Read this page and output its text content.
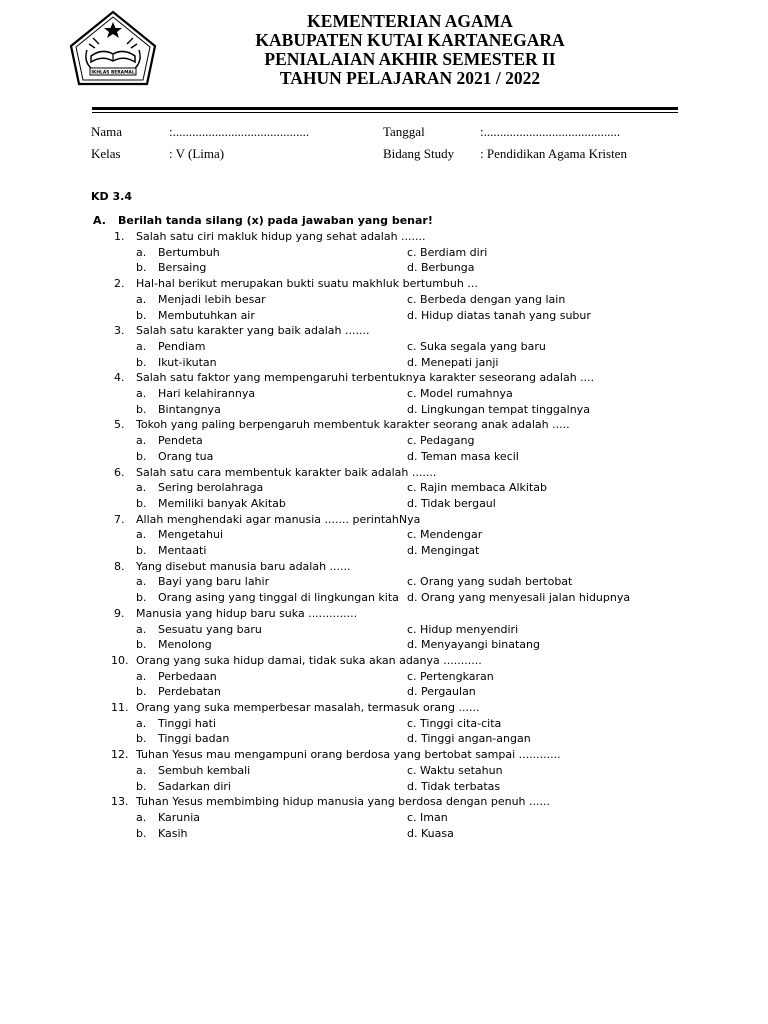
IKHLAS BERAMAL
KEMENTERIAN AGAMA
KABUPATEN KUTAI KARTANEGARA
PENIALAIAN AKHIR SEMESTER II
TAHUN PELAJARAN 2021 / 2022
Nama	:..........................................	Tanggal	:..........................................
Kelas	: V (Lima)	Bidang Study : Pendidikan Agama Kristen
KD 3.4
A. Berilah tanda silang (x) pada jawaban yang benar!
1. Salah satu ciri makluk hidup yang sehat adalah .......
a. Bertumbuh	c. Berdiam diri
b. Bersaing	d. Berbunga
2. Hal-hal berikut merupakan bukti suatu makhluk bertumbuh ...
a. Menjadi lebih besar	c. Berbeda dengan yang lain
b. Membutuhkan air	d. Hidup diatas tanah yang subur
3. Salah satu karakter yang baik adalah .......
a. Pendiam	c. Suka segala yang baru
b. Ikut-ikutan	d. Menepati janji
4. Salah satu faktor yang mempengaruhi terbentuknya karakter seseorang adalah ....
a. Hari kelahirannya	c. Model rumahnya
b. Bintangnya	d. Lingkungan tempat tinggalnya
5. Tokoh yang paling berpengaruh membentuk karakter seorang anak adalah .....
a. Pendeta	c. Pedagang
b. Orang tua	d. Teman masa kecil
6. Salah satu cara membentuk karakter baik adalah .......
a. Sering berolahraga	c. Rajin membaca Alkitab
b. Memiliki banyak Akitab	d. Tidak bergaul
7. Allah menghendaki agar manusia ....... perintahNya
a. Mengetahui	c. Mendengar
b. Mentaati	d. Mengingat
8. Yang disebut manusia baru adalah ......
a. Bayi yang baru lahir	c. Orang yang sudah bertobat
b. Orang asing yang tinggal di lingkungan kita d. Orang yang menyesali jalan hidupnya
9. Manusia yang hidup baru suka ..............
a. Sesuatu yang baru	c. Hidup menyendiri
b. Menolong	d. Menyayangi binatang
10. Orang yang suka hidup damai, tidak suka akan adanya ...........
a. Perbedaan	c. Pertengkaran
b. Perdebatan	d. Pergaulan
11. Orang yang suka memperbesar masalah, termasuk orang ......
a. Tinggi hati	c. Tinggi cita-cita
b. Tinggi badan	d. Tinggi angan-angan
12. Tuhan Yesus mau mengampuni orang berdosa yang bertobat sampai ............
a. Sembuh kembali	c. Waktu setahun
b. Sadarkan diri	d. Tidak terbatas
13. Tuhan Yesus membimbing hidup manusia yang berdosa dengan penuh ......
a. Karunia	c. Iman
b. Kasih	d. Kuasa
